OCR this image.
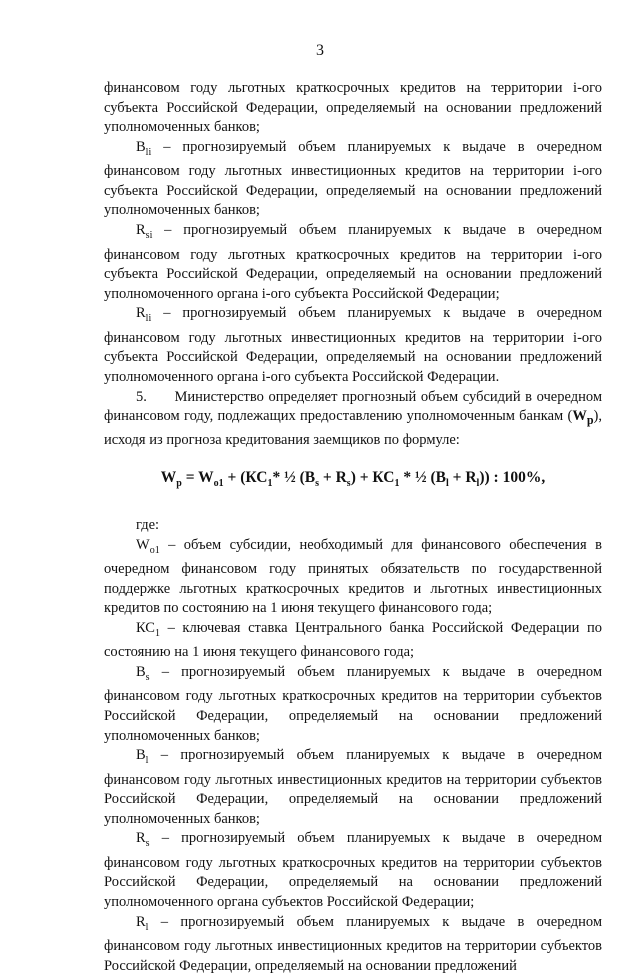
3

финансовом году льготных краткосрочных кредитов на территории i-ого субъекта Российской Федерации, определяемый на основании предложений уполномоченных банков;

$B_{li}$ – прогнозируемый объем планируемых к выдаче в очередном финансовом году льготных инвестиционных кредитов на территории i-ого субъекта Российской Федерации, определяемый на основании предложений уполномоченных банков;

$R_{si}$ – прогнозируемый объем планируемых к выдаче в очередном финансовом году льготных краткосрочных кредитов на территории i-ого субъекта Российской Федерации, определяемый на основании предложений уполномоченного органа i-ого субъекта Российской Федерации;

$R_{li}$ – прогнозируемый объем планируемых к выдаче в очередном финансовом году льготных инвестиционных кредитов на территории i-ого субъекта Российской Федерации, определяемый на основании предложений уполномоченного органа i-ого субъекта Российской Федерации.

5.      Министерство определяет прогнозный объем субсидий в очередном финансовом году, подлежащих предоставлению уполномоченным банкам $(W_p)$, исходя из прогноза кредитования заемщиков по формуле:

$W_p = W_{o1} + (КС_1*$ ½ $(B_s + R_s) + КС_1$ * ½ $(B_l + R_l)$) : 100%,

где:

$W_{o1}$ – объем субсидии, необходимый для финансового обеспечения в очередном финансовом году принятых обязательств по государственной поддержке льготных краткосрочных кредитов и льготных инвестиционных кредитов по состоянию на 1 июня текущего финансового года;

$КС_1$ – ключевая ставка Центрального банка Российской Федерации по состоянию на 1 июня текущего финансового года;

$B_s$ – прогнозируемый объем планируемых к выдаче в очередном финансовом году льготных краткосрочных кредитов на территории субъектов Российской Федерации, определяемый на основании предложений уполномоченных банков;

$B_l$ – прогнозируемый объем планируемых к выдаче в очередном финансовом году льготных инвестиционных кредитов на территории субъектов Российской Федерации, определяемый на основании предложений уполномоченных банков;

$R_s$ – прогнозируемый объем планируемых к выдаче в очередном финансовом году льготных краткосрочных кредитов на территории субъектов Российской Федерации, определяемый на основании предложений уполномоченного органа субъектов Российской Федерации;

$R_l$ – прогнозируемый объем планируемых к выдаче в очередном финансовом году льготных инвестиционных кредитов на территории субъектов Российской Федерации, определяемый на основании предложений
